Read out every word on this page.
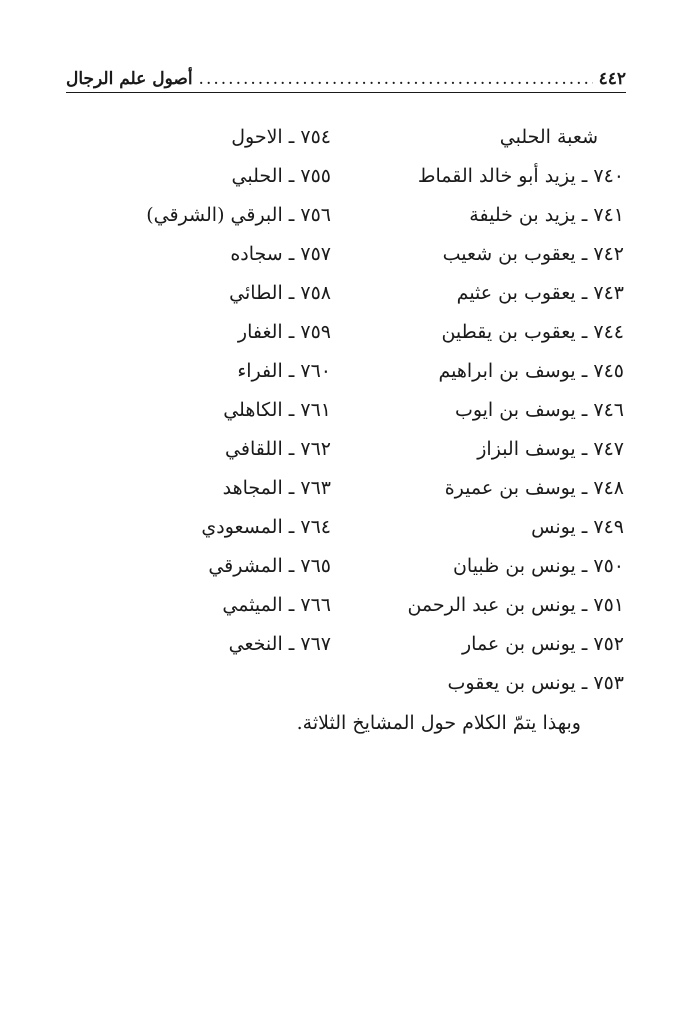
٤٤٢
.....
أصول علم الرجال
شعبة الحلبي
٧٤٠ ـ يزيد أبو خالد القماط
٧٤١ ـ يزيد بن خليفة
٧٤٢ ـ يعقوب بن شعيب
٧٤٣ ـ يعقوب بن عثيم
٧٤٤ ـ يعقوب بن يقطين
٧٤٥ ـ يوسف بن ابراهيم
٧٤٦ ـ يوسف بن ايوب
٧٤٧ ـ يوسف البزاز
٧٤٨ ـ يوسف بن عميرة
٧٤٩ ـ يونس
٧٥٠ ـ يونس بن ظبيان
٧٥١ ـ يونس بن عبد الرحمن
٧٥٢ ـ يونس بن عمار
٧٥٣ ـ يونس بن يعقوب
٧٥٤ ـ الاحول
٧٥٥ ـ الحلبي
٧٥٦ ـ البرقي (الشرقي)
٧٥٧ ـ سجاده
٧٥٨ ـ الطائي
٧٥٩ ـ الغفار
٧٦٠ ـ الفراء
٧٦١ ـ الكاهلي
٧٦٢ ـ اللقافي
٧٦٣ ـ المجاهد
٧٦٤ ـ المسعودي
٧٦٥ ـ المشرقي
٧٦٦ ـ الميثمي
٧٦٧ ـ النخعي
وبهذا يتمّ الكلام حول المشايخ الثلاثة.
